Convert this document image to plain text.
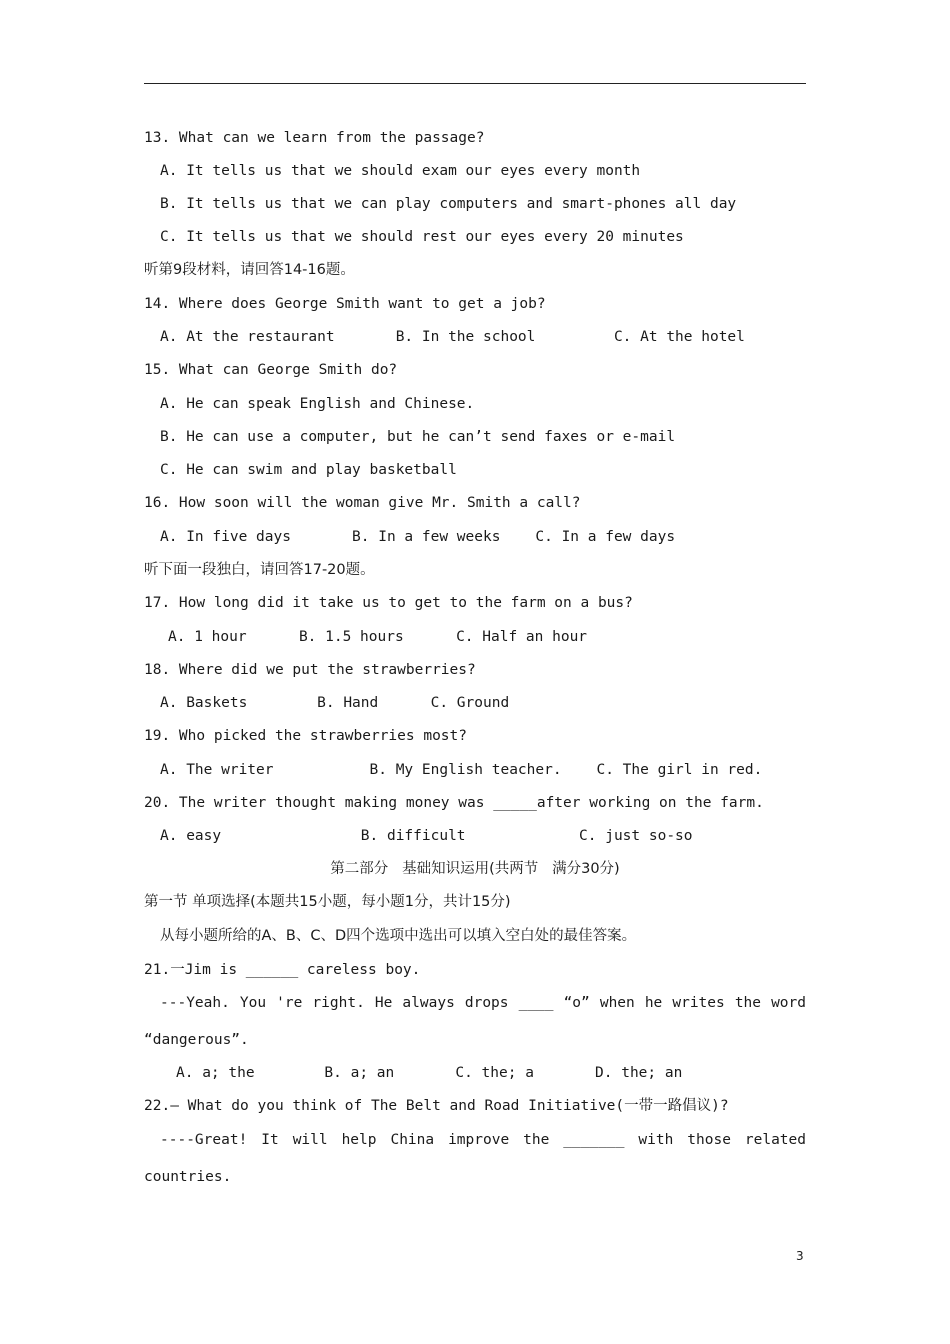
13. What can we learn from the passage?
A. It tells us that we should exam our eyes every month
B. It tells us that we can play computers and smart-phones all day
C. It tells us that we should rest our eyes every 20 minutes
听第9段材料，请回答14-16题。
14. Where does George Smith want to get a job?
A. At the restaurant       B. In the school         C. At the hotel
15. What can George Smith do?
A. He can speak English and Chinese.
B. He can use a computer, but he can’t send faxes or e-mail
C. He can swim and play basketball
16. How soon will the woman give Mr. Smith a call?
A. In five days       B. In a few weeks    C. In a few days
听下面一段独白，请回答17-20题。
17. How long did it take us to get to the farm on a bus?
A. 1 hour      B. 1.5 hours      C. Half an hour
18. Where did we put the strawberries?
A. Baskets        B. Hand      C. Ground
19. Who picked the strawberries most?
A. The writer           B. My English teacher.    C. The girl in red.
20. The writer thought making money was _____after working on the farm.
A. easy                B. difficult             C. just so-so
第二部分   基础知识运用(共两节   满分30分)
第一节 单项选择(本题共15小题，每小题1分，共计15分)
从每小题所给的A、B、C、D四个选项中选出可以填入空白处的最佳答案。
21.一Jim is ______ careless boy.
---Yeah. You 're right. He always drops ____ “o” when he writes the word
“dangerous”.
A. a; the        B. a; an       C. the; a       D. the; an
22.— What do you think of The Belt and Road Initiative(一带一路倡议)?
----Great! It will help China improve the _______ with those related
countries.
3
